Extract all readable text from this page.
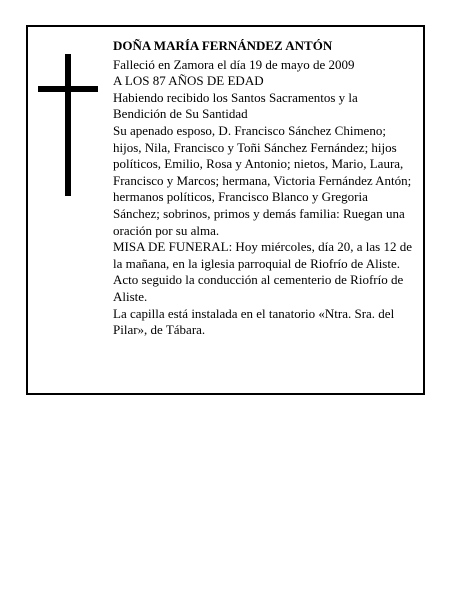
DOÑA MARÍA FERNÁNDEZ ANTÓN

Falleció en Zamora el día 19 de mayo de 2009

A LOS 87 AÑOS DE EDAD

Habiendo recibido los Santos Sacramentos y la Bendición de Su Santidad

Su apenado esposo, D. Francisco Sánchez Chimeno; hijos, Nila, Francisco y Toñi Sánchez Fernández; hijos políticos, Emilio, Rosa y Antonio; nietos, Mario, Laura, Francisco y Marcos; hermana, Victoria Fernández Antón; hermanos políticos, Francisco Blanco y Gregoria Sánchez; sobrinos, primos y demás familia: Ruegan una oración por su alma.

MISA DE FUNERAL: Hoy miércoles, día 20, a las 12 de la mañana, en la iglesia parroquial de Riofrío de Aliste. Acto seguido la conducción al cementerio de Riofrío de Aliste.

La capilla está instalada en el tanatorio «Ntra. Sra. del Pilar», de Tábara.
